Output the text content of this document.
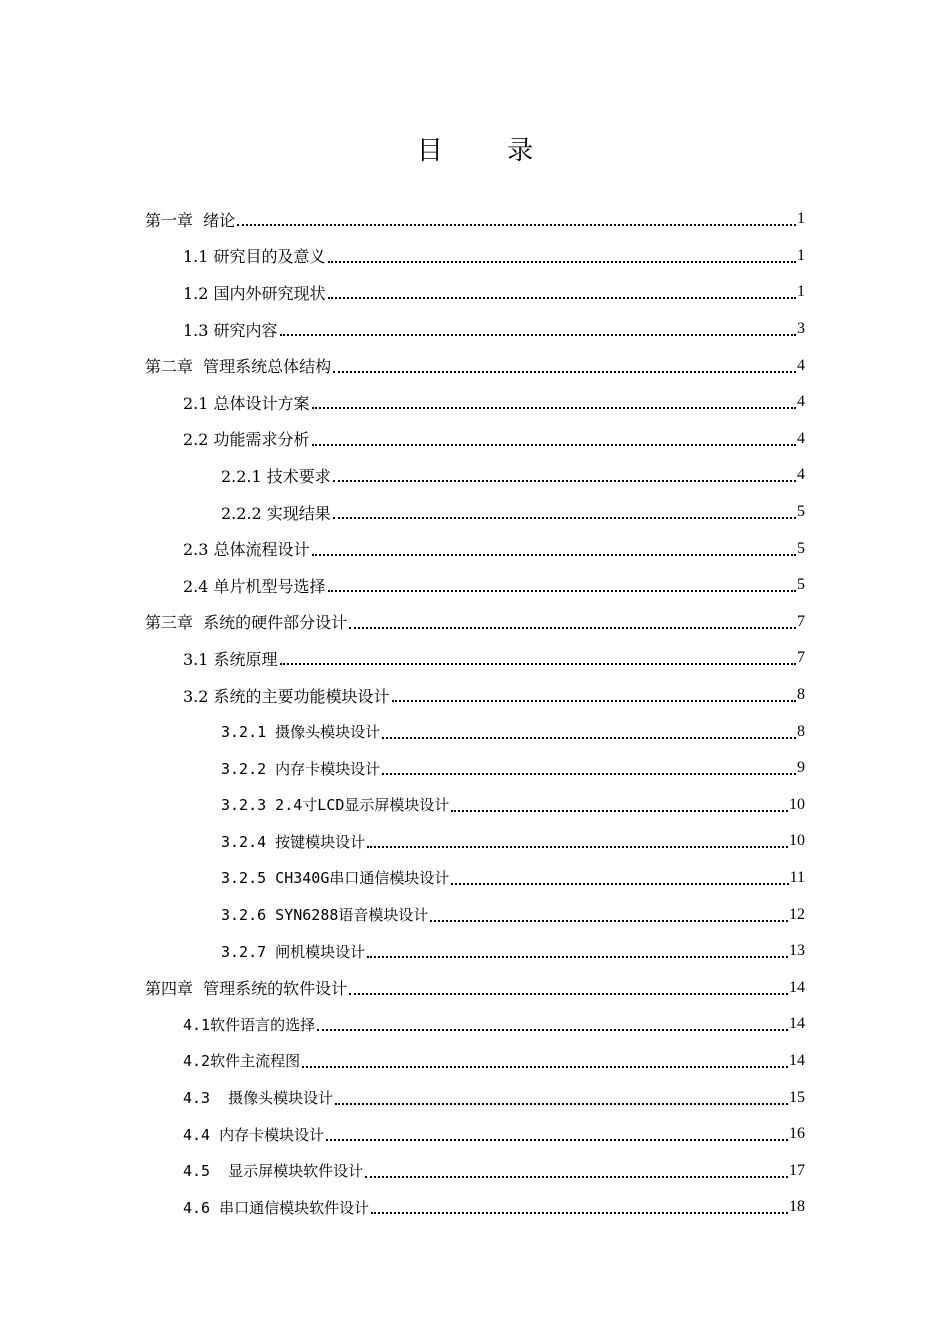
目 录
第一章  绪论	1
1.1 研究目的及意义	1
1.2 国内外研究现状	1
1.3 研究内容	3
第二章  管理系统总体结构	4
2.1 总体设计方案	4
2.2 功能需求分析	4
2.2.1 技术要求	4
2.2.2 实现结果	5
2.3 总体流程设计	5
2.4 单片机型号选择	5
第三章  系统的硬件部分设计	7
3.1 系统原理	7
3.2 系统的主要功能模块设计	8
3.2.1 摄像头模块设计	8
3.2.2 内存卡模块设计	9
3.2.3 2.4寸LCD显示屏模块设计	10
3.2.4 按键模块设计	10
3.2.5 CH340G串口通信模块设计	11
3.2.6 SYN6288语音模块设计	12
3.2.7 闸机模块设计	13
第四章  管理系统的软件设计	14
4.1软件语言的选择	14
4.2软件主流程图	14
4.3  摄像头模块设计	15
4.4 内存卡模块设计	16
4.5  显示屏模块软件设计	17
4.6 串口通信模块软件设计	18
